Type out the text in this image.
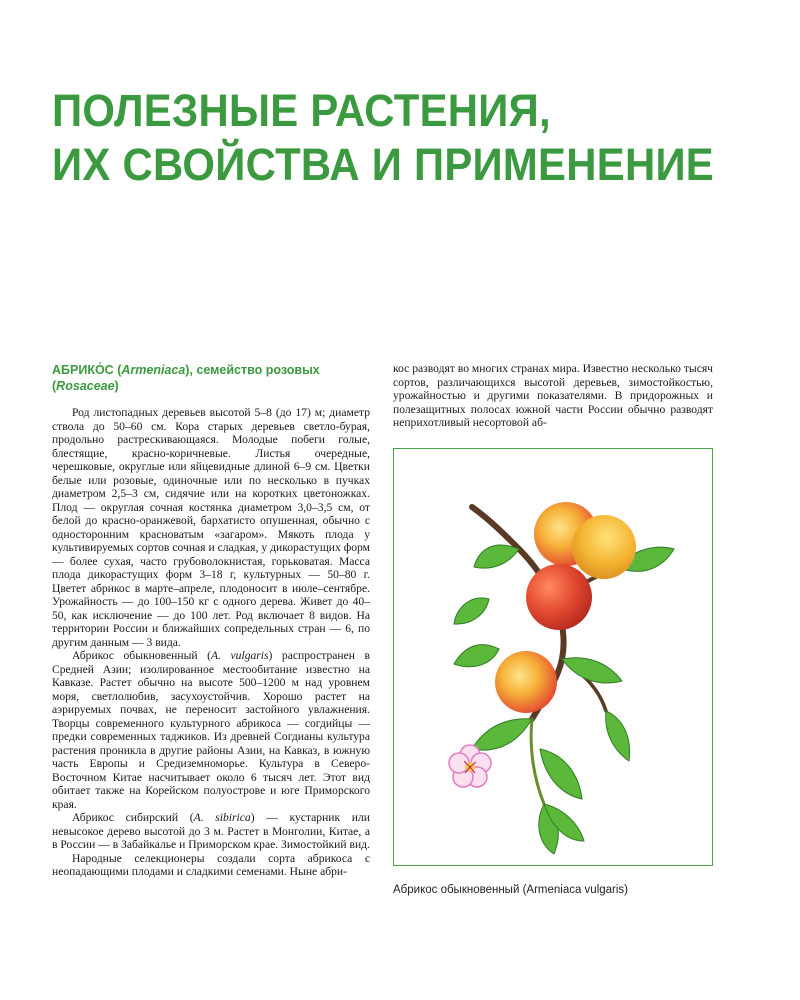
ПОЛЕЗНЫЕ РАСТЕНИЯ,
ИХ СВОЙСТВА И ПРИМЕНЕНИЕ
АБРИКО́С (Armeniaca), семейство розовых
(Rosaceae)

Род листопадных деревьев высотой 5–8 (до 17) м; диаметр ствола до 50–60 см. Кора старых деревьев светло-бурая, продольно растрескивающаяся. Молодые побеги голые, блестящие, красно-коричневые. Листья очередные, черешковые, округлые или яйцевидные длиной 6–9 см. Цветки белые или розовые, одиночные или по несколько в пучках диаметром 2,5–3 см, сидячие или на коротких цветоножках. Плод — округлая сочная костянка диаметром 3,0–3,5 см, от белой до красно-оранжевой, бархатисто опушенная, обычно с односторонним красноватым «загаром». Мякоть плода у культивируемых сортов сочная и сладкая, у дикорастущих форм — более сухая, часто грубоволокнистая, горьковатая. Масса плода дикорастущих форм 3–18 г, культурных — 50–80 г. Цветет абрикос в марте–апреле, плодоносит в июле–сентябре. Урожайность — до 100–150 кг с одного дерева. Живет до 40–50, как исключение — до 100 лет. Род включает 8 видов. На территории России и ближайших сопредельных стран — 6, по другим данным — 3 вида.

Абрикос обыкновенный (A. vulgaris) распространен в Средней Азии; изолированное местообитание известно на Кавказе. Растет обычно на высоте 500–1200 м над уровнем моря, светлолюбив, засухоустойчив. Хорошо растет на аэрируемых почвах, не переносит застойного увлажнения. Творцы современного культурного абрикоса — согдийцы — предки современных таджиков. Из древней Согдианы культура растения проникла в другие районы Азии, на Кавказ, в южную часть Европы и Средиземноморье. Культура в Северо-Восточном Китае насчитывает около 6 тысяч лет. Этот вид обитает также на Корейском полуострове и юге Приморского края.

Абрикос сибирский (A. sibirica) — кустарник или невысокое дерево высотой до 3 м. Растет в Монголии, Китае, а в России — в Забайкалье и Приморском крае. Зимостойкий вид.

Народные селекционеры создали сорта абрикоса с неопадающими плодами и сладкими семенами. Ныне абри-

кос разводят во многих странах мира. Известно несколько тысяч сортов, различающихся высотой деревьев, зимостойкостью, урожайностью и другими показателями. В придорожных и полезащитных полосах южной части России обычно разводят неприхотливый несортовой аб-

Абрикос обыкновенный (Armeniaca vulgaris)
